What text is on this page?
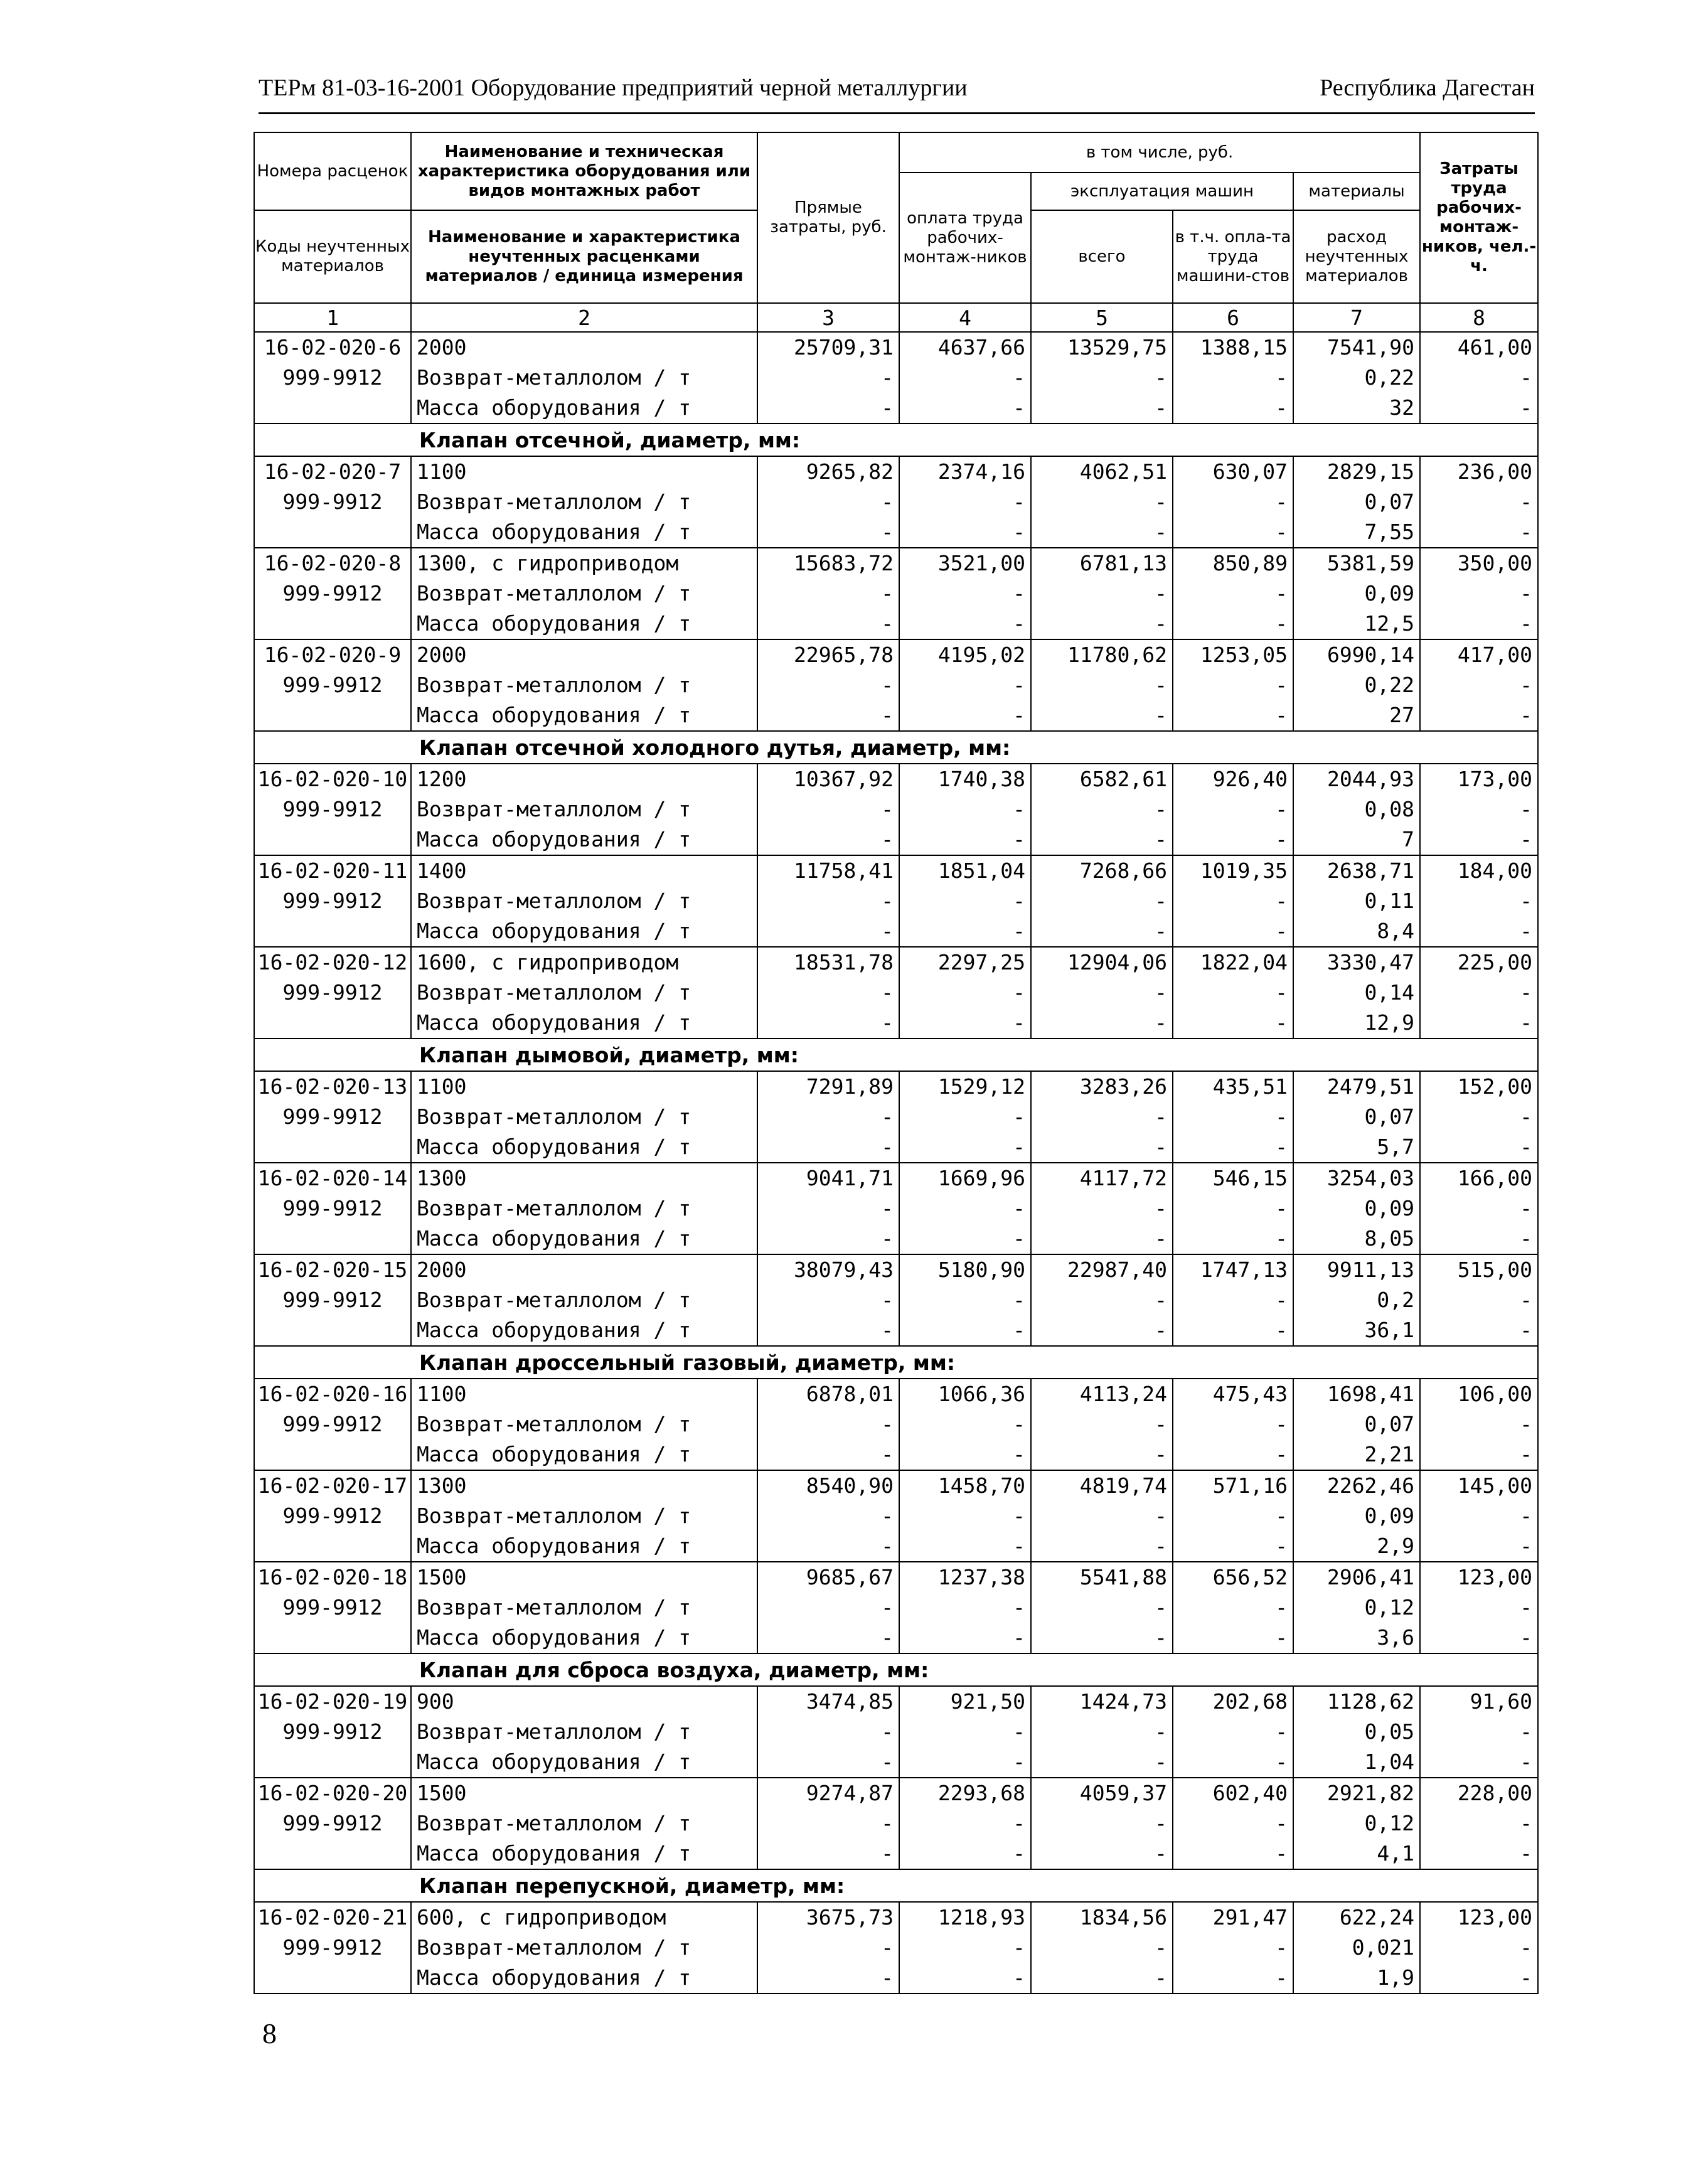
ТЕРм 81-03-16-2001 Оборудование предприятий черной металлургии	Республика Дагестан
Номера расценок	Наименование и техническая характеристика оборудования или видов монтажных работ	Прямые затраты, руб.	в том числе, руб.				Затраты труда рабочих-монтаж-ников, чел.-ч.
			оплата труда рабочих-монтаж-ников	эксплуатация машин		материалы	
Коды неучтенных материалов	Наименование и характеристика неучтенных расценками материалов / единица измерения			всего	в т.ч. опла-та труда машини-стов	расход неучтенных материалов	

1	2	3	4	5	6	7	8
16-02-020-6	2000	25709,31	4637,66	13529,75	1388,15	7541,90	461,00
999-9912	Возврат-металлолом / т	-	-	-	-	0,22	-
	Масса оборудования / т	-	-	-	-	32	-
Клапан отсечной, диаметр, мм:							
16-02-020-7	1100	9265,82	2374,16	4062,51	630,07	2829,15	236,00
999-9912	Возврат-металлолом / т	-	-	-	-	0,07	-
	Масса оборудования / т	-	-	-	-	7,55	-
16-02-020-8	1300, с гидроприводом	15683,72	3521,00	6781,13	850,89	5381,59	350,00
999-9912	Возврат-металлолом / т	-	-	-	-	0,09	-
	Масса оборудования / т	-	-	-	-	12,5	-
16-02-020-9	2000	22965,78	4195,02	11780,62	1253,05	6990,14	417,00
999-9912	Возврат-металлолом / т	-	-	-	-	0,22	-
	Масса оборудования / т	-	-	-	-	27	-
Клапан отсечной холодного дутья, диаметр, мм:							
16-02-020-10	1200	10367,92	1740,38	6582,61	926,40	2044,93	173,00
999-9912	Возврат-металлолом / т	-	-	-	-	0,08	-
	Масса оборудования / т	-	-	-	-	7	-
16-02-020-11	1400	11758,41	1851,04	7268,66	1019,35	2638,71	184,00
999-9912	Возврат-металлолом / т	-	-	-	-	0,11	-
	Масса оборудования / т	-	-	-	-	8,4	-
16-02-020-12	1600, с гидроприводом	18531,78	2297,25	12904,06	1822,04	3330,47	225,00
999-9912	Возврат-металлолом / т	-	-	-	-	0,14	-
	Масса оборудования / т	-	-	-	-	12,9	-
Клапан дымовой, диаметр, мм:							
16-02-020-13	1100	7291,89	1529,12	3283,26	435,51	2479,51	152,00
999-9912	Возврат-металлолом / т	-	-	-	-	0,07	-
	Масса оборудования / т	-	-	-	-	5,7	-
16-02-020-14	1300	9041,71	1669,96	4117,72	546,15	3254,03	166,00
999-9912	Возврат-металлолом / т	-	-	-	-	0,09	-
	Масса оборудования / т	-	-	-	-	8,05	-
16-02-020-15	2000	38079,43	5180,90	22987,40	1747,13	9911,13	515,00
999-9912	Возврат-металлолом / т	-	-	-	-	0,2	-
	Масса оборудования / т	-	-	-	-	36,1	-
Клапан дроссельный газовый, диаметр, мм:							
16-02-020-16	1100	6878,01	1066,36	4113,24	475,43	1698,41	106,00
999-9912	Возврат-металлолом / т	-	-	-	-	0,07	-
	Масса оборудования / т	-	-	-	-	2,21	-
16-02-020-17	1300	8540,90	1458,70	4819,74	571,16	2262,46	145,00
999-9912	Возврат-металлолом / т	-	-	-	-	0,09	-
	Масса оборудования / т	-	-	-	-	2,9	-
16-02-020-18	1500	9685,67	1237,38	5541,88	656,52	2906,41	123,00
999-9912	Возврат-металлолом / т	-	-	-	-	0,12	-
	Масса оборудования / т	-	-	-	-	3,6	-
Клапан для сброса воздуха, диаметр, мм:							
16-02-020-19	900	3474,85	921,50	1424,73	202,68	1128,62	91,60
999-9912	Возврат-металлолом / т	-	-	-	-	0,05	-
	Масса оборудования / т	-	-	-	-	1,04	-
16-02-020-20	1500	9274,87	2293,68	4059,37	602,40	2921,82	228,00
999-9912	Возврат-металлолом / т	-	-	-	-	0,12	-
	Масса оборудования / т	-	-	-	-	4,1	-
Клапан перепускной, диаметр, мм:							
16-02-020-21	600, с гидроприводом	3675,73	1218,93	1834,56	291,47	622,24	123,00
999-9912	Возврат-металлолом / т	-	-	-	-	0,021	-
	Масса оборудования / т	-	-	-	-	1,9	-
8
